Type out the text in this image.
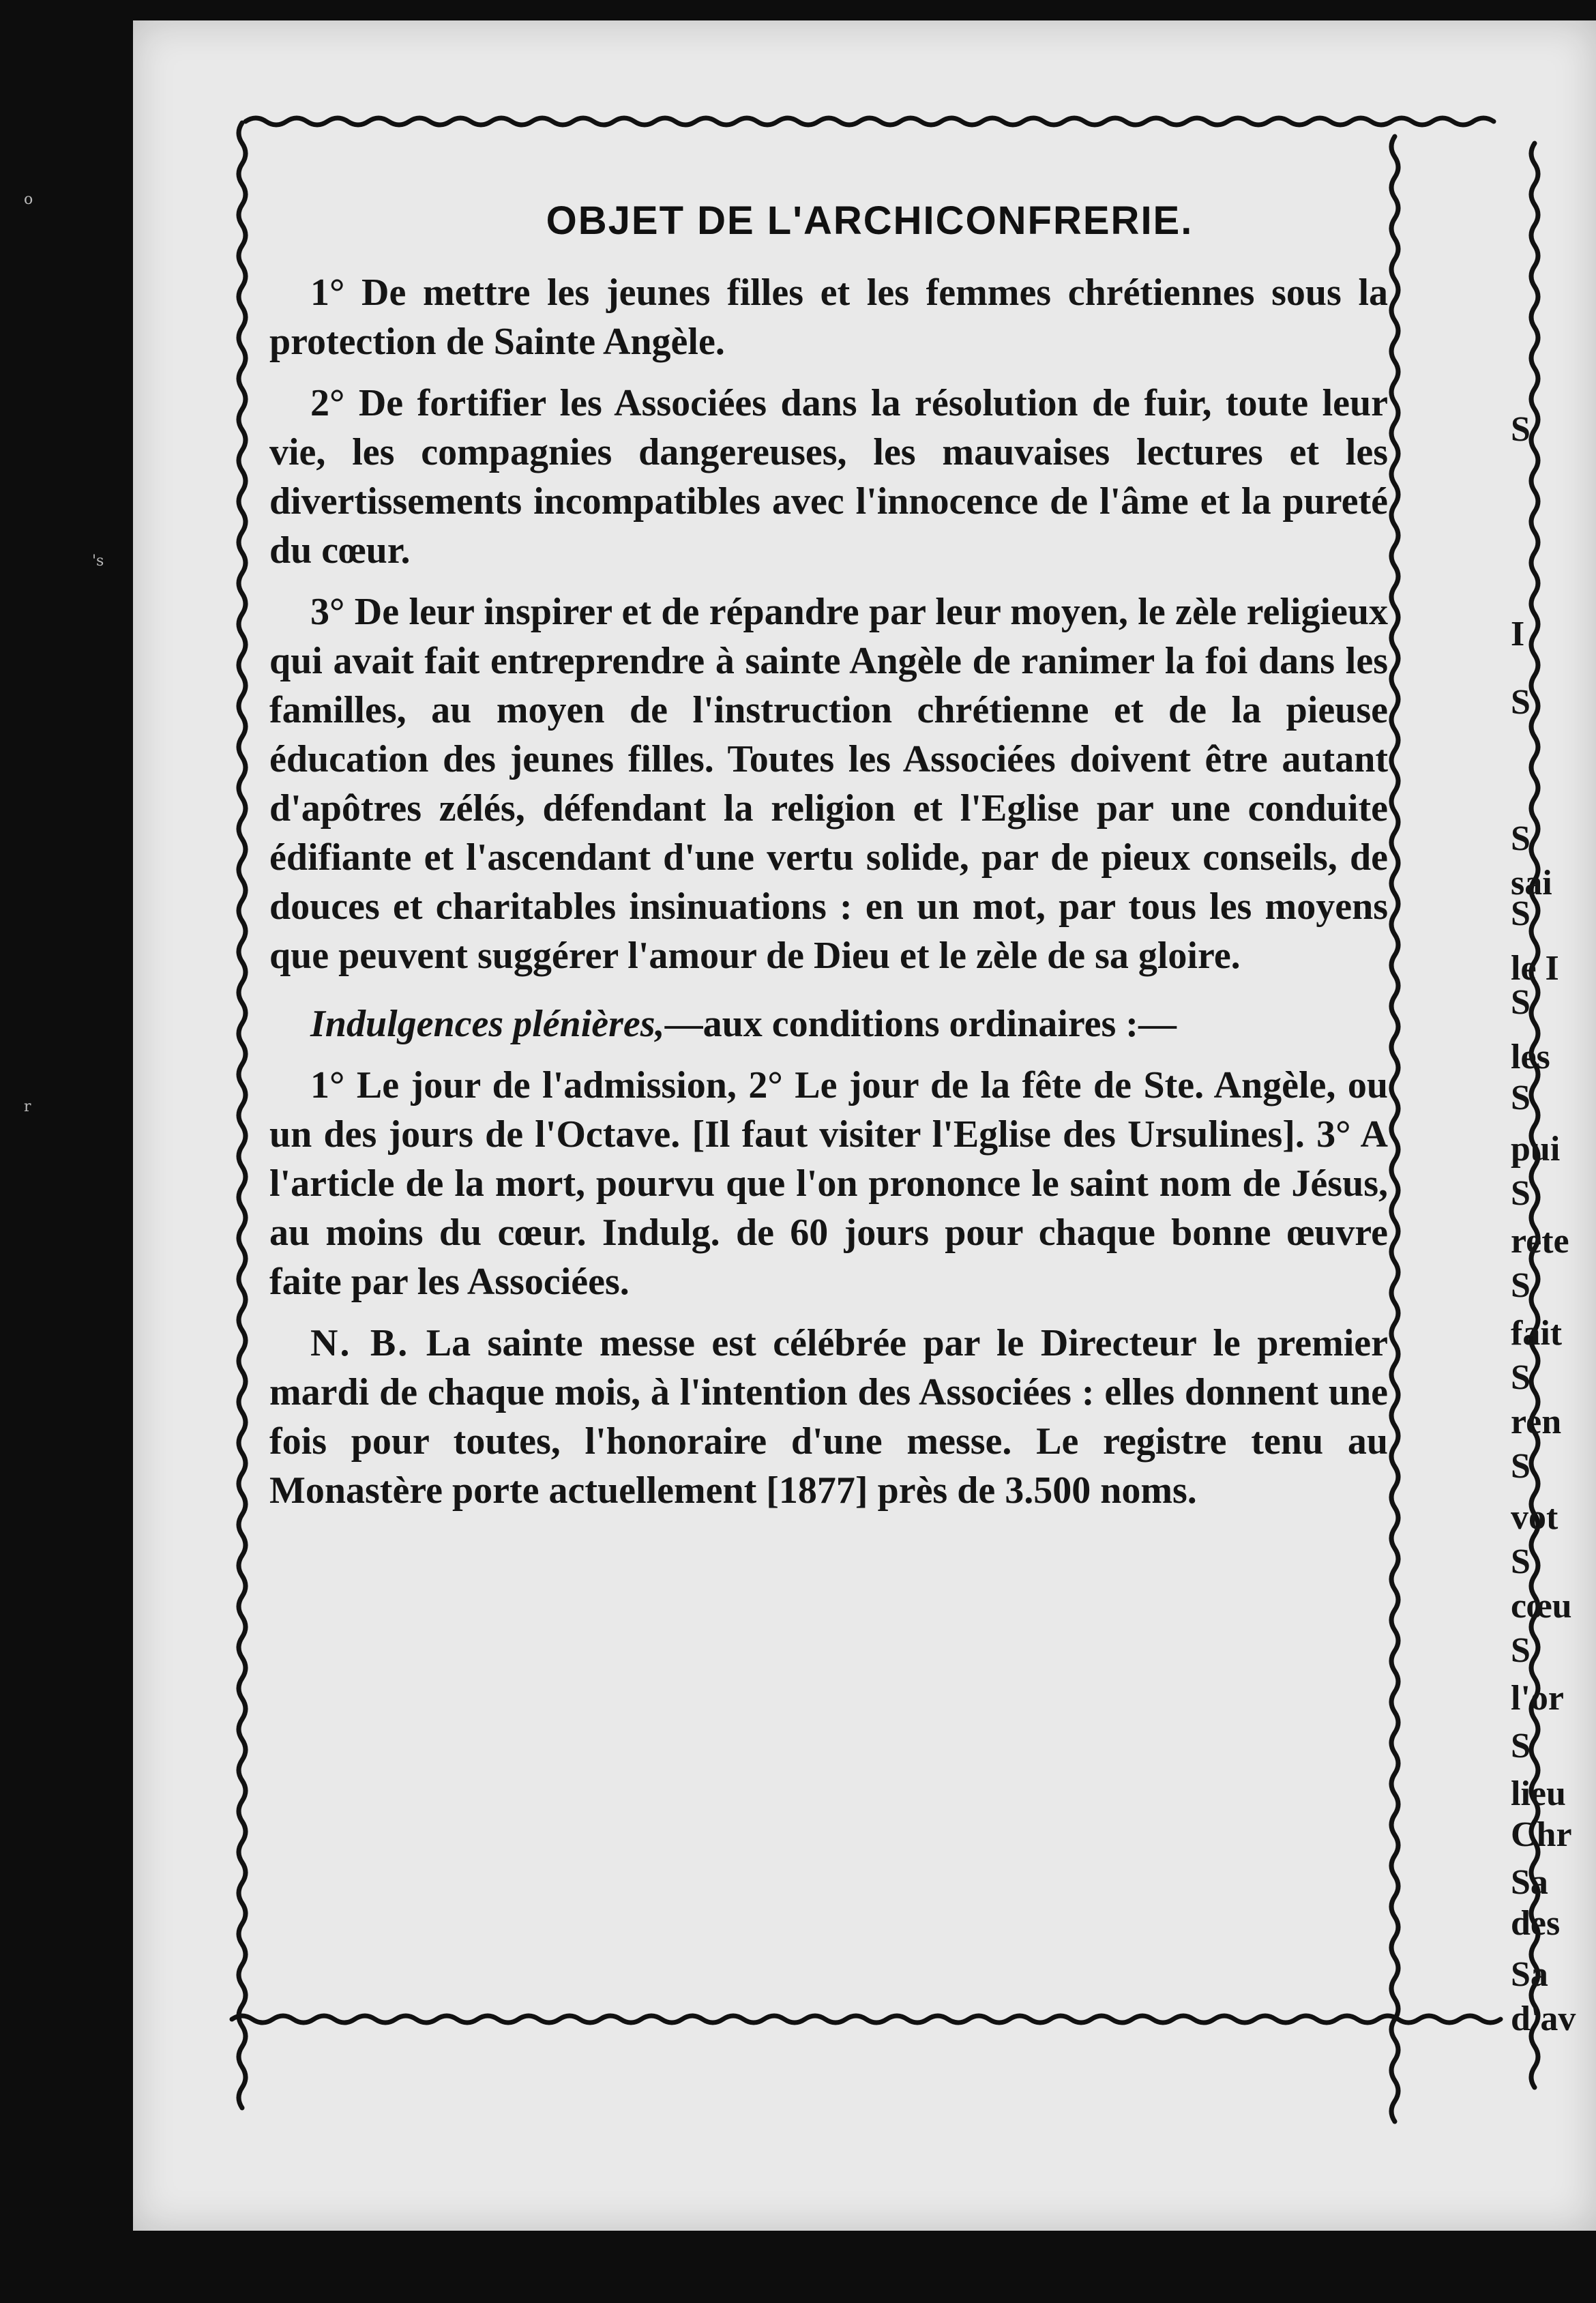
o
's
r
OBJET DE L'ARCHICONFRERIE.

1° De mettre les jeunes filles et les femmes chrétiennes sous la protection de Sainte Angèle.

2° De fortifier les Associées dans la résolution de fuir, toute leur vie, les compagnies dangereuses, les mauvaises lectures et les divertissements incompatibles avec l'innocence de l'âme et la pureté du cœur.

3° De leur inspirer et de répandre par leur moyen, le zèle religieux qui avait fait entreprendre à sainte Angèle de ranimer la foi dans les familles, au moyen de l'instruction chrétienne et de la pieuse éducation des jeunes filles. Toutes les Associées doivent être autant d'apôtres zélés, défendant la religion et l'Eglise par une conduite édifiante et l'ascendant d'une vertu solide, par de pieux conseils, de douces et charitables insinuations : en un mot, par tous les moyens que peuvent suggérer l'amour de Dieu et le zèle de sa gloire.

Indulgences plénières,—aux conditions ordinaires :—

1° Le jour de l'admission, 2° Le jour de la fête de Ste. Angèle, ou un des jours de l'Octave. [Il faut visiter l'Eglise des Ursulines]. 3° A l'article de la mort, pourvu que l'on prononce le saint nom de Jésus, au moins du cœur. Indulg. de 60 jours pour chaque bonne œuvre faite par les Associées.

N. B. La sainte messe est célébrée par le Directeur le premier mardi de chaque mois, à l'intention des Associées : elles donnent une fois pour toutes, l'honoraire d'une messe. Le registre tenu au Monastère porte actuellement [1877] près de 3.500 noms.

S
I
S
S
sai
S
le I
S
les
S
pui
S
rete
S
fait
S
ren
S
vot
S
cœu
S
l'or
S
lieu
Chr
Sa
des
Sa
d'av
